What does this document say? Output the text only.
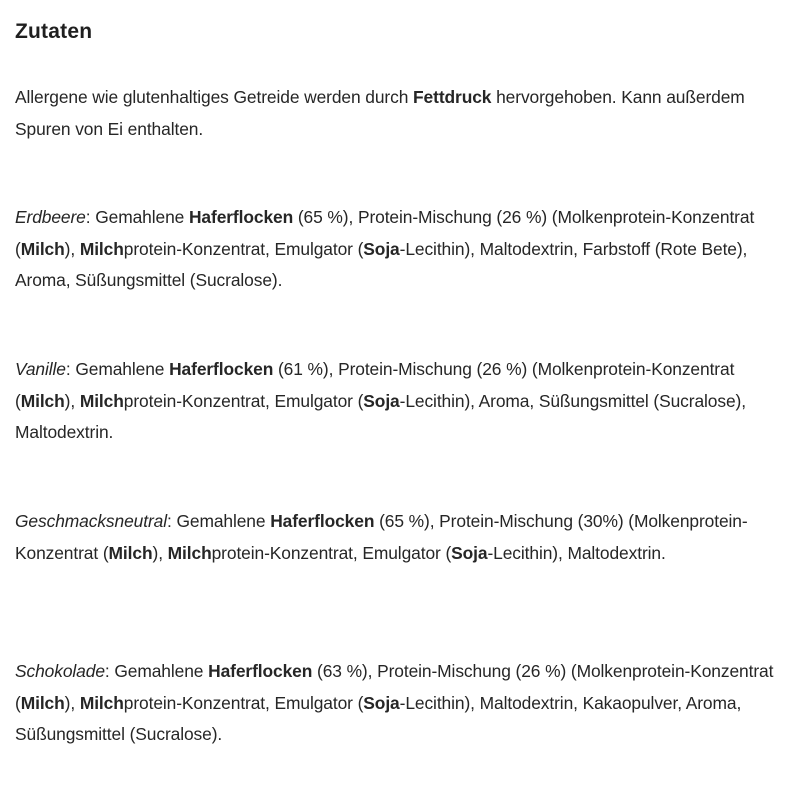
Zutaten

Allergene wie glutenhaltiges Getreide werden durch Fettdruck hervorgehoben. Kann außerdem Spuren von Ei enthalten.

Erdbeere: Gemahlene Haferflocken (65 %), Protein-Mischung (26 %) (Molkenprotein-Konzentrat (Milch), Milchprotein-Konzentrat, Emulgator (Soja-Lecithin), Maltodextrin, Farbstoff (Rote Bete), Aroma, Süßungsmittel (Sucralose).

Vanille: Gemahlene Haferflocken (61 %), Protein-Mischung (26 %) (Molkenprotein-Konzentrat (Milch), Milchprotein-Konzentrat, Emulgator (Soja-Lecithin), Aroma, Süßungsmittel (Sucralose), Maltodextrin.

Geschmacksneutral: Gemahlene Haferflocken (65 %), Protein-Mischung (30%) (Molkenprotein-Konzentrat (Milch), Milchprotein-Konzentrat, Emulgator (Soja-Lecithin), Maltodextrin.

Schokolade: Gemahlene Haferflocken (63 %), Protein-Mischung (26 %) (Molkenprotein-Konzentrat (Milch), Milchprotein-Konzentrat, Emulgator (Soja-Lecithin), Maltodextrin, Kakaopulver, Aroma, Süßungsmittel (Sucralose).
